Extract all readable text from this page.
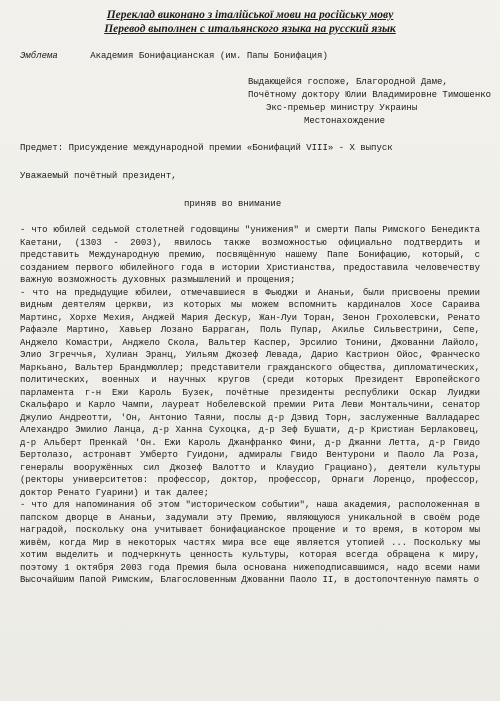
Переклад виконано з італійської мови на російську мову
Перевод выполнен с итальянского языка на русский язык
Эмблема	Академия Бонифацианская (им. Папы Бонифация)
Выдающейся госпоже, Благородной Даме,
Почётному доктору Юлии Владимировне Тимошенко
Экс-премьер министру Украины
Местонахождение
Предмет: Присуждение международной премии «Бонифаций VIII» - X выпуск
Уважаемый почётный президент,
приняв во внимание

- что юбилей седьмой столетней годовщины "унижения" и смерти Папы Римского Бенедикта Каетани, (1303 - 2003), явилось также возможностью официально подтвердить и представить Международную премию, посвящённую нашему Папе Бонифацию, который, с созданием первого юбилейного года в истории Христианства, предоставила человечеству важную возможность духовных размышлений и прощения;

- что на предыдущие юбилеи, отмечавшиеся в Фьюджи и Ананьи, были присвоены премии видным деятелям церкви, из которых мы можем вспомнить кардиналов Хосе Сараива Мартинс, Хорхе Мехия, Анджей Мария Дескур, Жан-Луи Торан, Зенон Грохолевски, Ренато Рафаэле Мартино, Хавьер Лозано Барраган, Поль Пупар, Акилье Сильвестрини, Сепе, Анджело Комастри, Анджело Скола, Вальтер Каспер, Эрсилио Тонини, Джованни Лайоло, Элио Згреччья, Хулиан Эранц, Уильям Джозеф Левада, Дарио Кастрион Ойос, Франческо Маркьано, Вальтер Брандмюллер; представители гражданского общества, дипломатических, политических, военных и научных кругов (среди которых Президент Европейского парламента г-н Ежи Кароль Бузек, почётные президенты республики Оскар Луиджи Скальфаро и Карло Чампи, лауреат Нобелевской премии Рита Леви Монтальчини, сенатор Джулио Андреотти, 'Он, Антонио Таяни, послы д-р Дэвид Торн, заслуженные Валладарес Алехандро Эмилио Ланца, д-р Ханна Сухоцка, д-р Зеф Бушати, д-р Кристиан Берлаковец, д-р Альберт Пренкай 'Он. Ежи Кароль Джанфранко Фини, д-р Джанни Летта, д-р Гвидо Бертолазо, астронавт Умберто Гуидони, адмиралы Гвидо Вентурони и Паоло Ла Роза, генералы вооружённых сил Джозеф Валотто и Клаудио Грациано), деятели культуры (ректоры университетов: профессор, доктор, профессор, Орнаги Лоренцо, профессор, доктор Ренато Гуарини) и так далее;

- что для напоминания об этом "историческом событии", наша академия, расположенная в папском дворце в Ананьи, задумали эту Премию, являющуюся уникальной в своём роде наградой, поскольку она учитывает бонифацианское прощение и то время, в котором мы живём, когда Мир в некоторых частях мира все еще является утопией ... Поскольку мы хотим выделить и подчеркнуть ценность культуры, которая всегда обращена к миру, поэтому 1 октября 2003 года Премия была основана нижеподписавшимся, надо всеми нами Высочайшим Папой Римским, Благословенным Джованни Паоло II, в достопочтенную память о
